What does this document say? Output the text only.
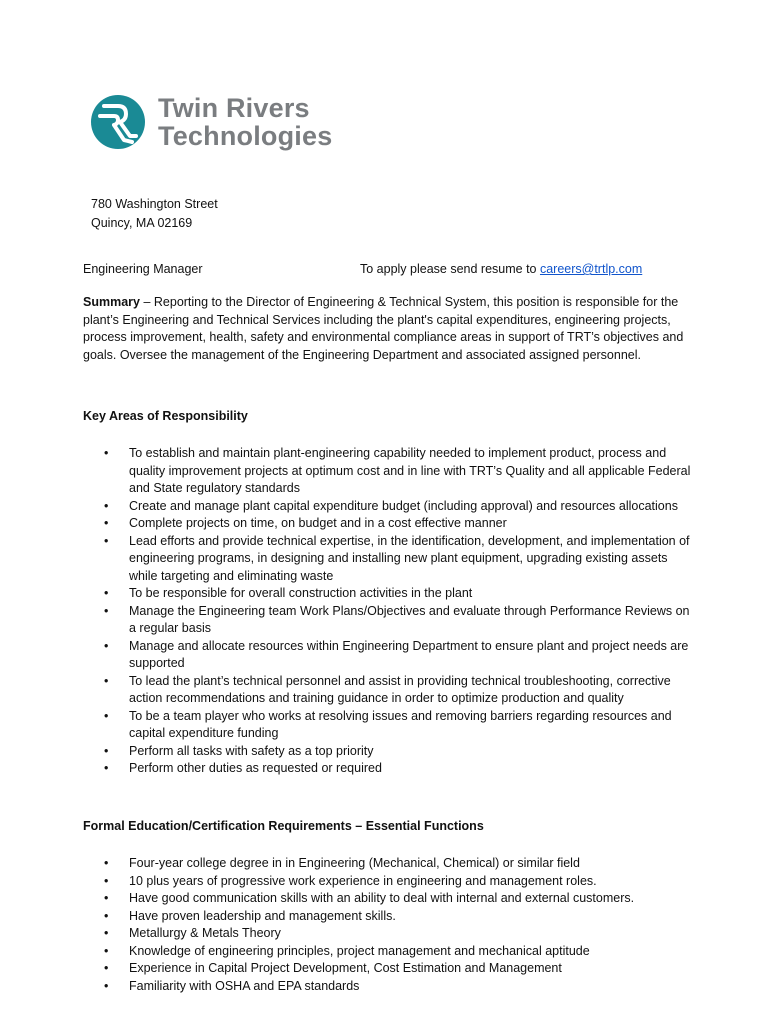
Twin Rivers
Technologies
780 Washington Street
Quincy, MA 02169
Engineering Manager	To apply please send resume to careers@trtlp.com
Summary – Reporting to the Director of Engineering & Technical System, this position is responsible for the plant’s Engineering and Technical Services including the plant's capital expenditures, engineering projects, process improvement, health, safety and environmental compliance areas in support of TRT’s objectives and goals. Oversee the management of the Engineering Department and associated assigned personnel.
Key Areas of Responsibility
• To establish and maintain plant-engineering capability needed to implement product, process and quality improvement projects at optimum cost and in line with TRT’s Quality and all applicable Federal and State regulatory standards
• Create and manage plant capital expenditure budget (including approval) and resources allocations
• Complete projects on time, on budget and in a cost effective manner
• Lead efforts and provide technical expertise, in the identification, development, and implementation of engineering programs, in designing and installing new plant equipment, upgrading existing assets while targeting and eliminating waste
• To be responsible for overall construction activities in the plant
• Manage the Engineering team Work Plans/Objectives and evaluate through Performance Reviews on a regular basis
• Manage and allocate resources within Engineering Department to ensure plant and project needs are supported
• To lead the plant’s technical personnel and assist in providing technical troubleshooting, corrective action recommendations and training guidance in order to optimize production and quality
• To be a team player who works at resolving issues and removing barriers regarding resources and capital expenditure funding
• Perform all tasks with safety as a top priority
• Perform other duties as requested or required
Formal Education/Certification Requirements – Essential Functions
• Four-year college degree in in Engineering (Mechanical, Chemical) or similar field
• 10 plus years of progressive work experience in engineering and management roles.
• Have good communication skills with an ability to deal with internal and external customers.
• Have proven leadership and management skills.
• Metallurgy & Metals Theory
• Knowledge of engineering principles, project management and mechanical aptitude
• Experience in Capital Project Development, Cost Estimation and Management
• Familiarity with OSHA and EPA standards
